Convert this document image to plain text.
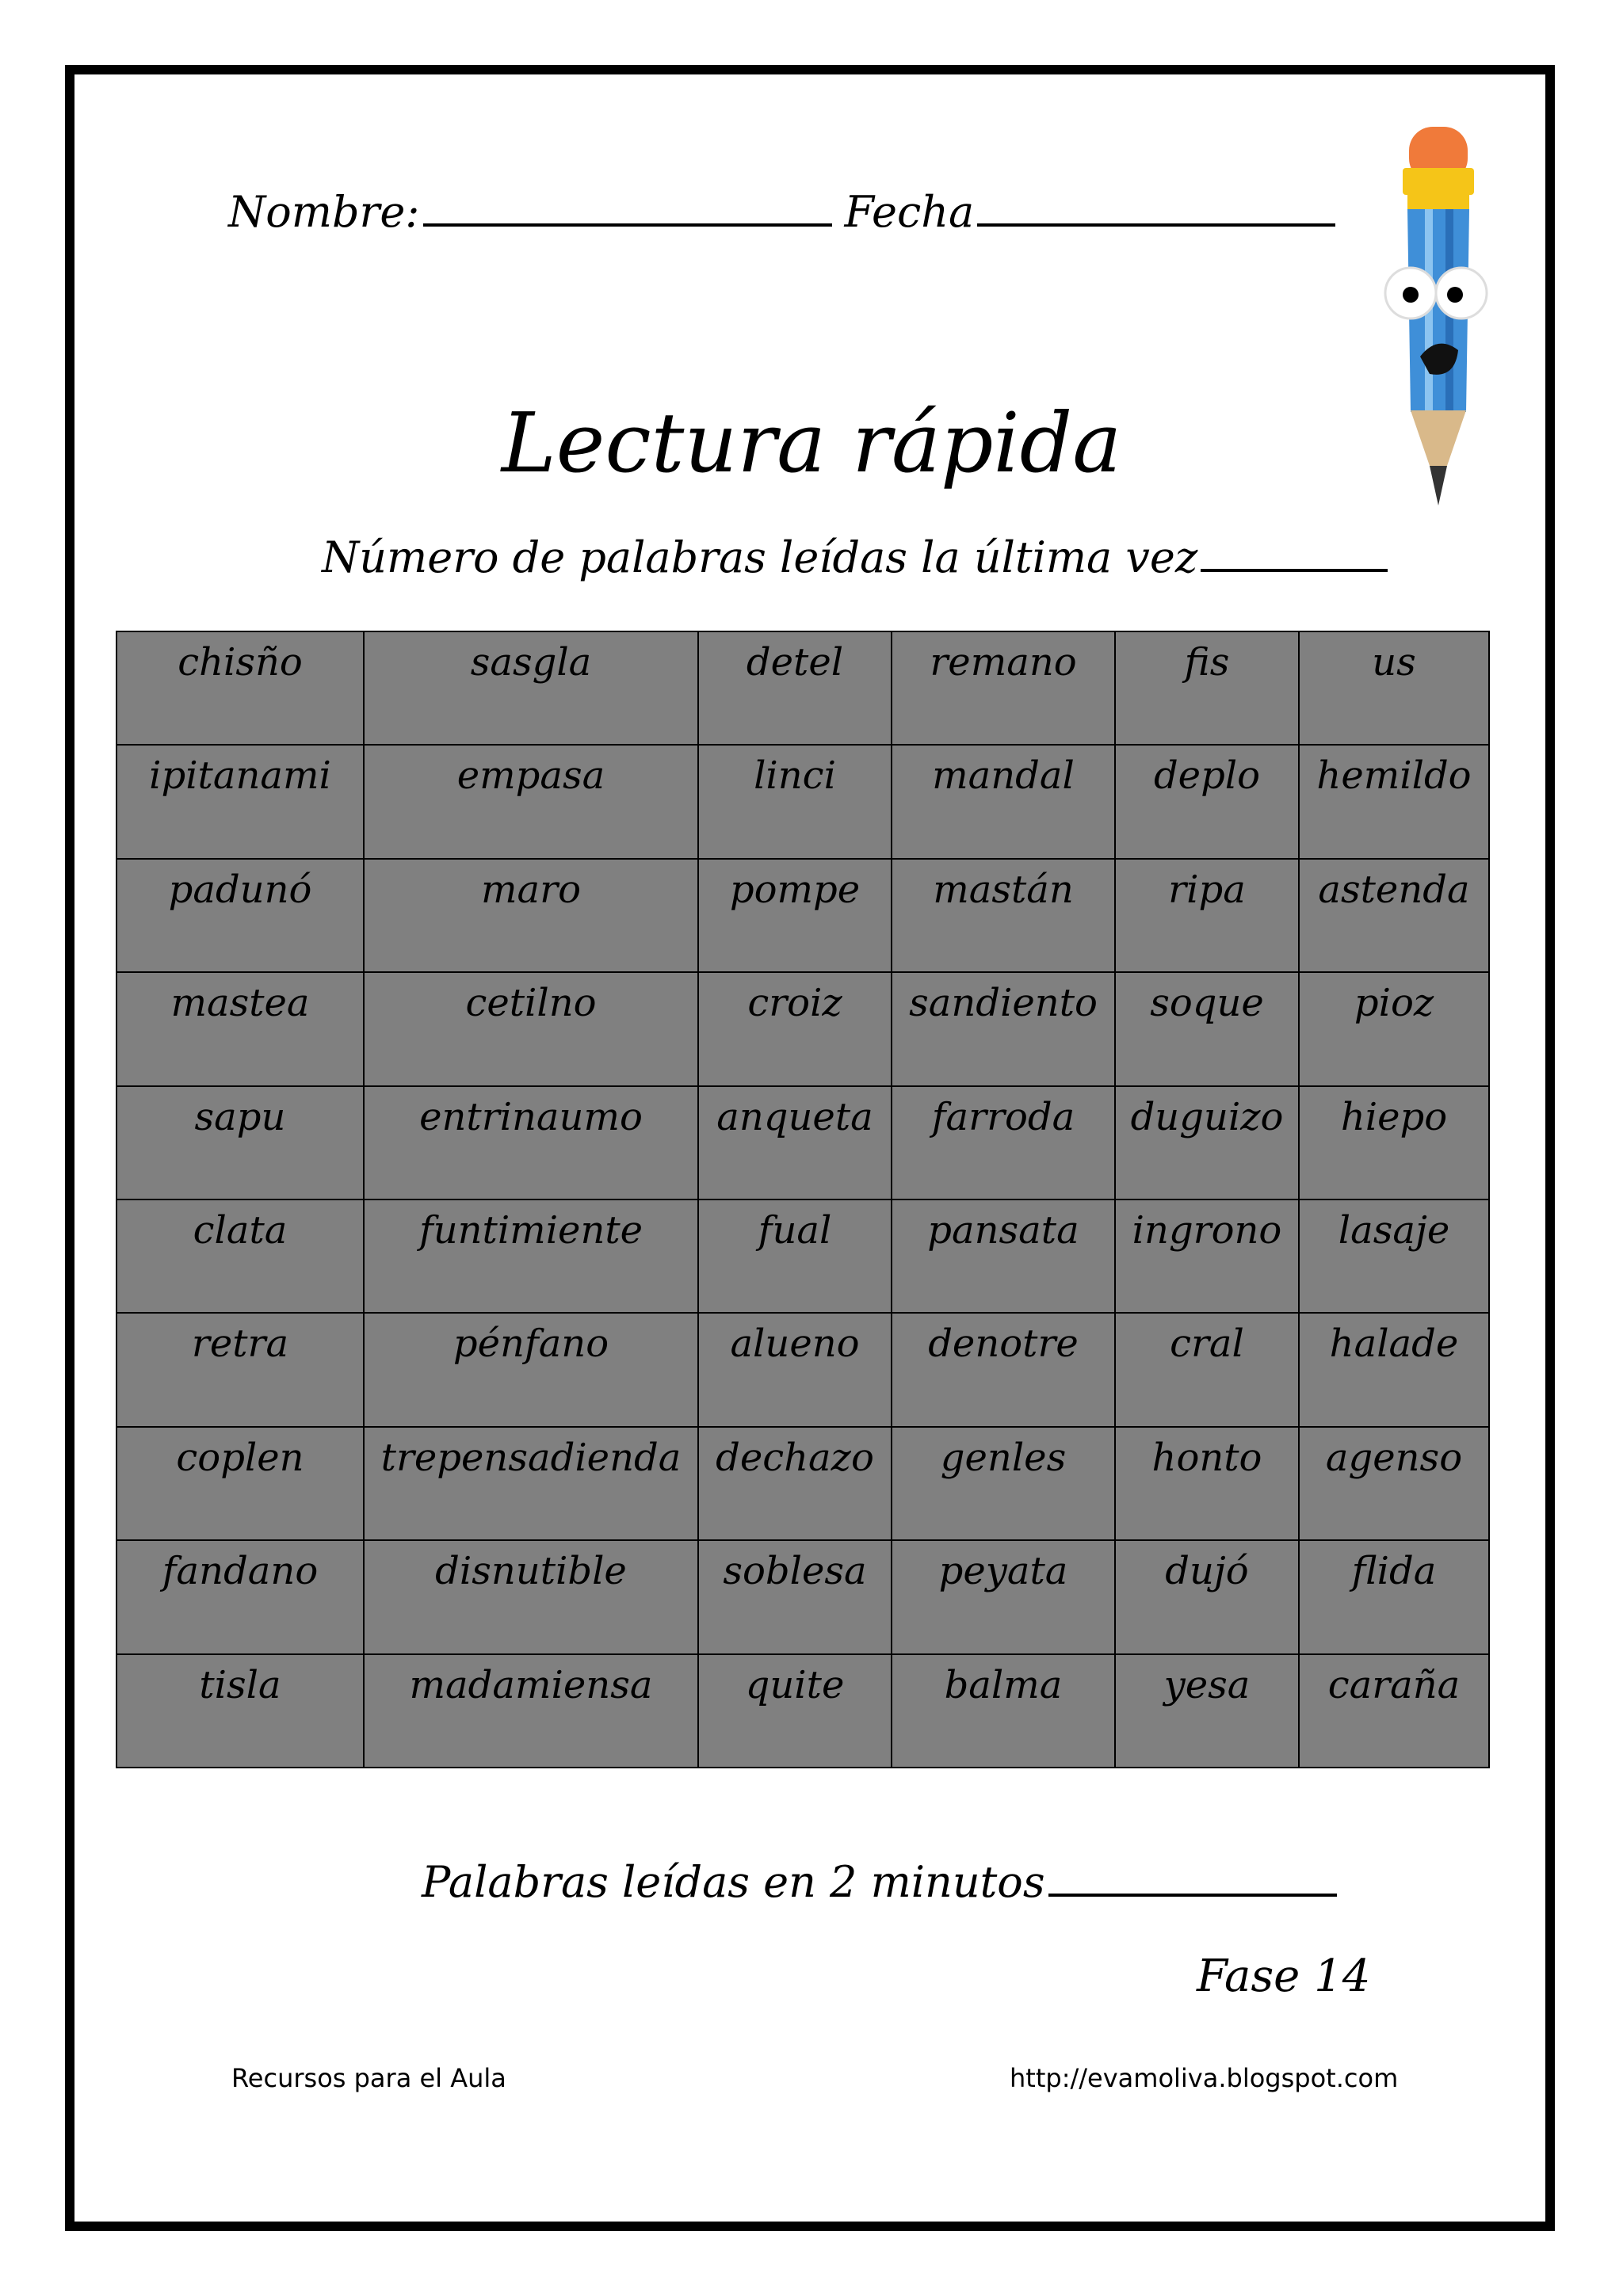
Nombre:	Fecha
Lectura rápida
Número de palabras leídas la última vez
chisño	sasgla	detel	remano	fis	us
ipitanami	empasa	linci	mandal	deplo	hemildo
padunó	maro	pompe	mastán	ripa	astenda
mastea	cetilno	croiz	sandiento	soque	pioz
sapu	entrinaumo	anqueta	farroda	duguizo	hiepo
clata	funtimiente	fual	pansata	ingrono	lasaje
retra	pénfano	alueno	denotre	cral	halade
coplen	trepensadienda	dechazo	genles	honto	agenso
fandano	disnutible	soblesa	peyata	dujó	flida
tisla	madamiensa	quite	balma	yesa	caraña
Palabras leídas en 2 minutos
Fase 14
Recursos para el Aula	http://evamoliva.blogspot.com
